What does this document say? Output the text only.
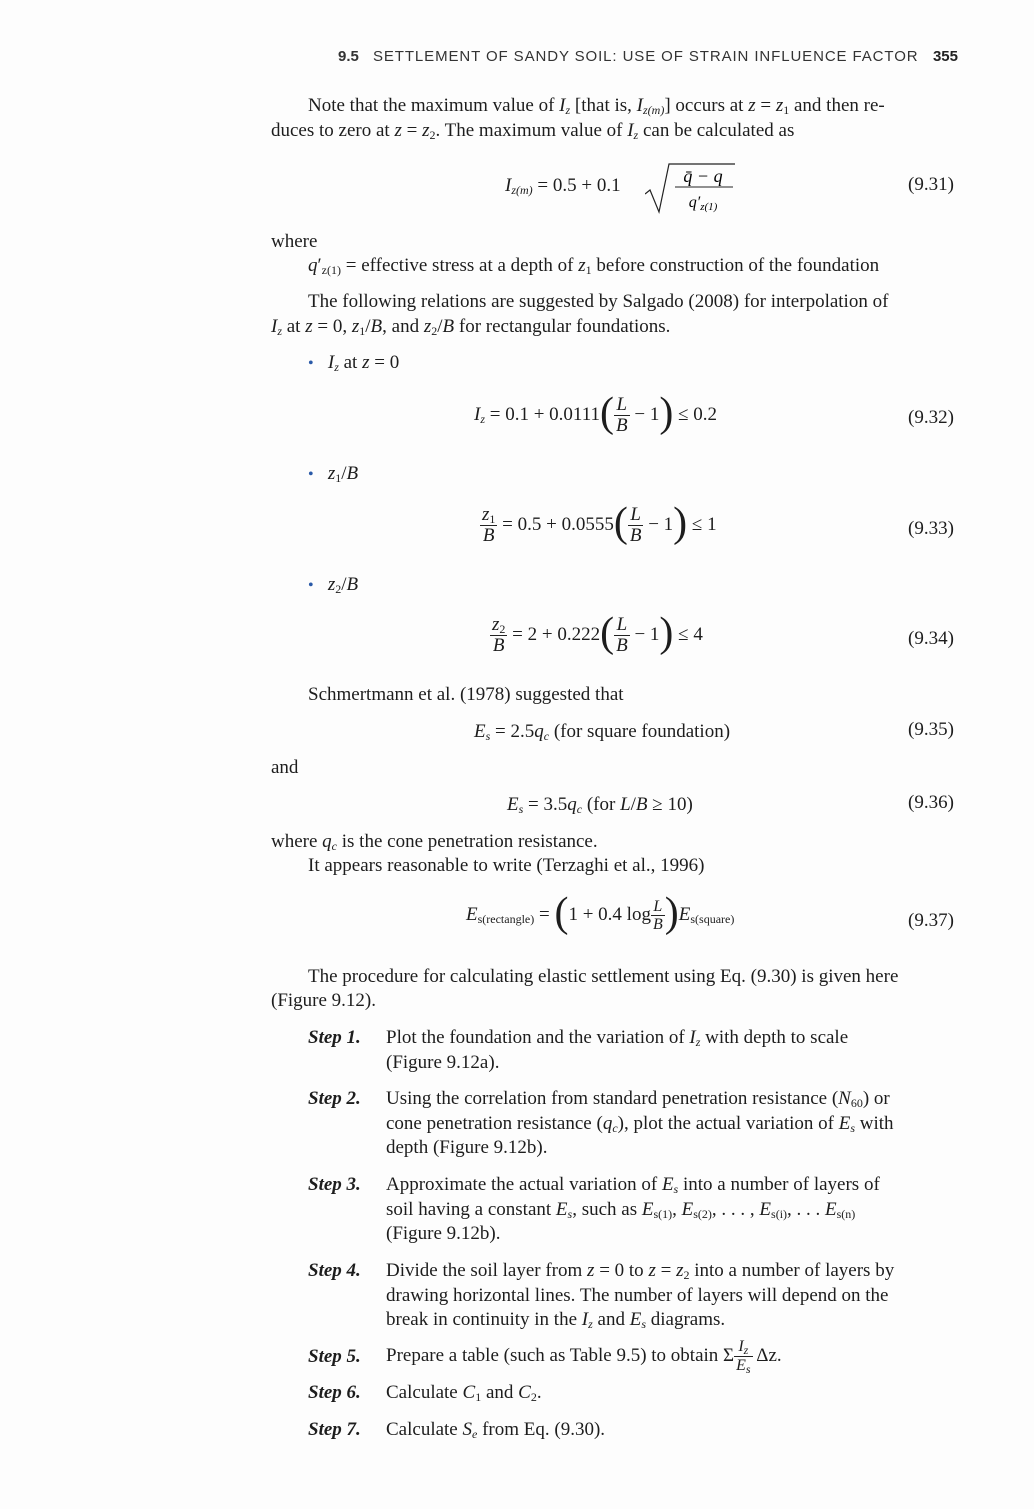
9.5 SETTLEMENT OF SANDY SOIL: USE OF STRAIN INFLUENCE FACTOR 355
Note that the maximum value of $I_z$ [that is, $I_{z(m)}$] occurs at $z = z_1$ and then re-
duces to zero at $z = z_2$. The maximum value of $I_z$ can be calculated as
$I_{z(m)} = 0.5 + 0.1$	q̄ − q
q′z(1)
(9.31)
where
$q'_{z(1)}$ = effective stress at a depth of $z_1$ before construction of the foundation
The following relations are suggested by Salgado (2008) for interpolation of
$I_z$ at z = 0, $z_1/B$, and $z_2/B$ for rectangular foundations.
• $I_z$ at z = 0
$I_z = 0.1 + 0.0111( \frac{L}{B} - 1) \le 0.2$	(9.32)
• $z_1/B$
$\frac{z_1}{B} = 0.5 + 0.0555( \frac{L}{B} - 1) \le 1$	(9.33)
• $z_2/B$
$\frac{z_2}{B} = 2 + 0.222( \frac{L}{B} - 1) \le 4$	(9.34)
Schmertmann et al. (1978) suggested that
$E_s = 2.5q_c$ (for square foundation)	(9.35)
and
$E_s = 3.5q_c$ (for L/B ≥ 10)	(9.36)
where $q_c$ is the cone penetration resistance.
It appears reasonable to write (Terzaghi et al., 1996)
$E_{s(rectangle)} = (1 + 0.4$ $\log \frac{L}{B} )E_{s(square)}$	(9.37)
The procedure for calculating elastic settlement using Eq. (9.30) is given here
(Figure 9.12).
Step 1. Plot the foundation and the variation of $I_z$ with depth to scale
(Figure 9.12a).
Step 2. Using the correlation from standard penetration resistance $(N_{60})$ or
cone penetration resistance $(q_c)$, plot the actual variation of $E_s$ with
depth (Figure 9.12b).
Step 3. Approximate the actual variation of $E_s$ into a number of layers of
soil having a constant $E_s$, such as $E_{s(1)}$, $E_{s(2)}$, . . . , $E_{s(i)}$, . . . $E_{s(n)}$
(Figure 9.12b).
Step 4. Divide the soil layer from z = 0 to $z = z_2$ into a number of layers by
drawing horizontal lines. The number of layers will depend on the
break in continuity in the $I_z$ and $E_s$ diagrams.
Step 5. Prepare a table (such as Table 9.5) to obtain Σ $\frac{I_z}{E_s} \Delta z$.
Step 6. Calculate $C_1$ and $C_2$.
Step 7. Calculate $S_e$ from Eq. (9.30).
